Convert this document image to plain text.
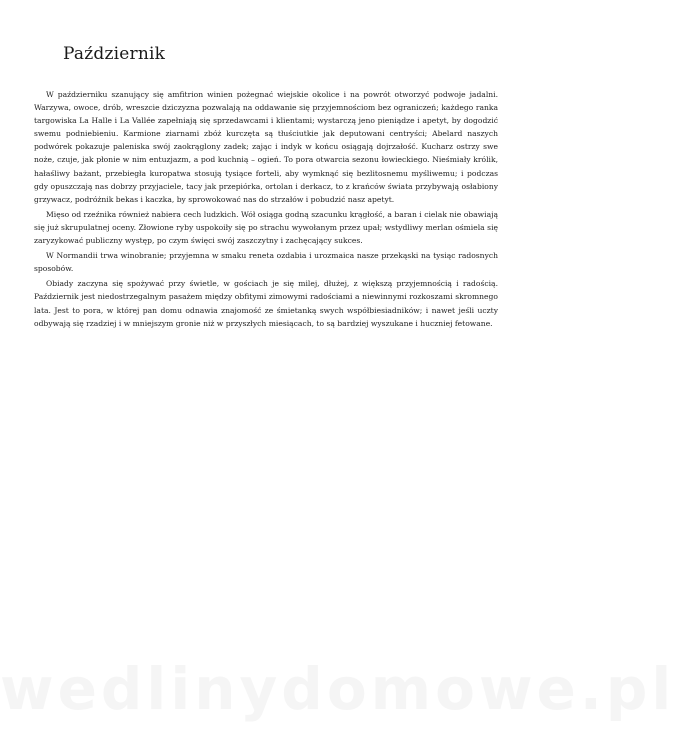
Październik

W październiku szanujący się amfitrion winien pożegnać wiejskie okolice i na powrót otworzyć podwoje jadalni. Warzywa, owoce, drób, wreszcie dziczyzna pozwalają na oddawanie się przyjemnościom bez ograniczeń; każdego ranka targowiska La Halle i La Vallée zapełniają się sprzedawcami i klientami; wystarczą jeno pieniądze i apetyt, by dogodzić swemu podniebieniu. Karmione ziarnami zbóż kurczęta są tłuściutkie jak deputowani centryści; Abelard naszych podwórek pokazuje paleniska swój zaokrąglony zadek; zając i indyk w końcu osiągają dojrzałość. Kucharz ostrzy swe noże, czuje, jak płonie w nim entuzjazm, a pod kuchnią – ogień. To pora otwarcia sezonu łowieckiego. Nieśmiały królik, hałaśliwy bażant, przebiegła kuropatwa stosują tysiące forteli, aby wymknąć się bezlitosnemu myśliwemu; i podczas gdy opuszczają nas dobrzy przyjaciele, tacy jak przepiórka, ortolan i derkacz, to z krańców świata przybywają osłabiony grzywacz, podróżnik bekas i kaczka, by sprowokować nas do strzałów i pobudzić nasz apetyt.

Mięso od rzeźnika również nabiera cech ludzkich. Wół osiąga godną szacunku krągłość, a baran i cielak nie obawiają się już skrupulatnej oceny. Złowione ryby uspokoiły się po strachu wywołanym przez upał; wstydliwy merlan ośmiela się zaryzykować publiczny występ, po czym święci swój zaszczytny i zachęcający sukces.

W Normandii trwa winobranie; przyjemna w smaku reneta ozdabia i urozmaica nasze przekąski na tysiąc radosnych sposobów.

Obiady zaczyna się spożywać przy świetle, w gościach je się milej, dłużej, z większą przyjemnością i radością. Październik jest niedostrzegalnym pasażem między obfitymi zimowymi radościami a niewinnymi rozkoszami skromnego lata. Jest to pora, w której pan domu odnawia znajomość ze śmietanką swych współbiesiadników; i nawet jeśli uczty odbywają się rzadziej i w mniejszym gronie niż w przyszłych miesiącach, to są bardziej wyszukane i huczniej fetowane.

wedlinydomowe.pl
